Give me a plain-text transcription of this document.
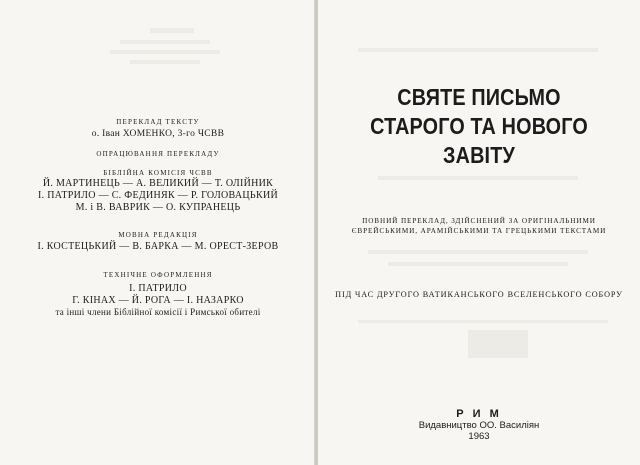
ПЕРЕКЛАД ТЕКСТУ
о. Іван ХОМЕНКО, 3-го ЧСВВ
ОПРАЦЮВАННЯ ПЕРЕКЛАДУ
БІБЛІЙНА КОМІСІЯ ЧСВВ
Й. МАРТИНЕЦЬ — А. ВЕЛИКИЙ — Т. ОЛІЙНИК
І. ПАТРИЛО — С. ФЕДИНЯК — Р. ГОЛОВАЦЬКИЙ
М. і В. ВАВРИК — О. КУПРАНЕЦЬ
МОВНА РЕДАКЦІЯ
І. КОСТЕЦЬКИЙ — В. БАРКА — М. ОРЕСТ-ЗЕРОВ
ТЕХНІЧНЕ ОФОРМЛЕННЯ
І. ПАТРИЛО
Г. КІНАХ — Й. РОГА — І. НАЗАРКО
та інші члени Біблійної комісії і Римської обителі
СВЯТЕ ПИСЬМО
СТАРОГО ТА НОВОГО
ЗАВІТУ
ПОВНИЙ ПЕРЕКЛАД, ЗДІЙСНЕНИЙ ЗА ОРИГІНАЛЬНИМИ
ЄВРЕЙСЬКИМИ, АРАМІЙСЬКИМИ ТА ГРЕЦЬКИМИ ТЕКСТАМИ
ПІД ЧАС ДРУГОГО ВАТИКАНСЬКОГО ВСЕЛЕНСЬКОГО СОБОРУ
Р И М
Видавництво ОО. Василіян
1963
